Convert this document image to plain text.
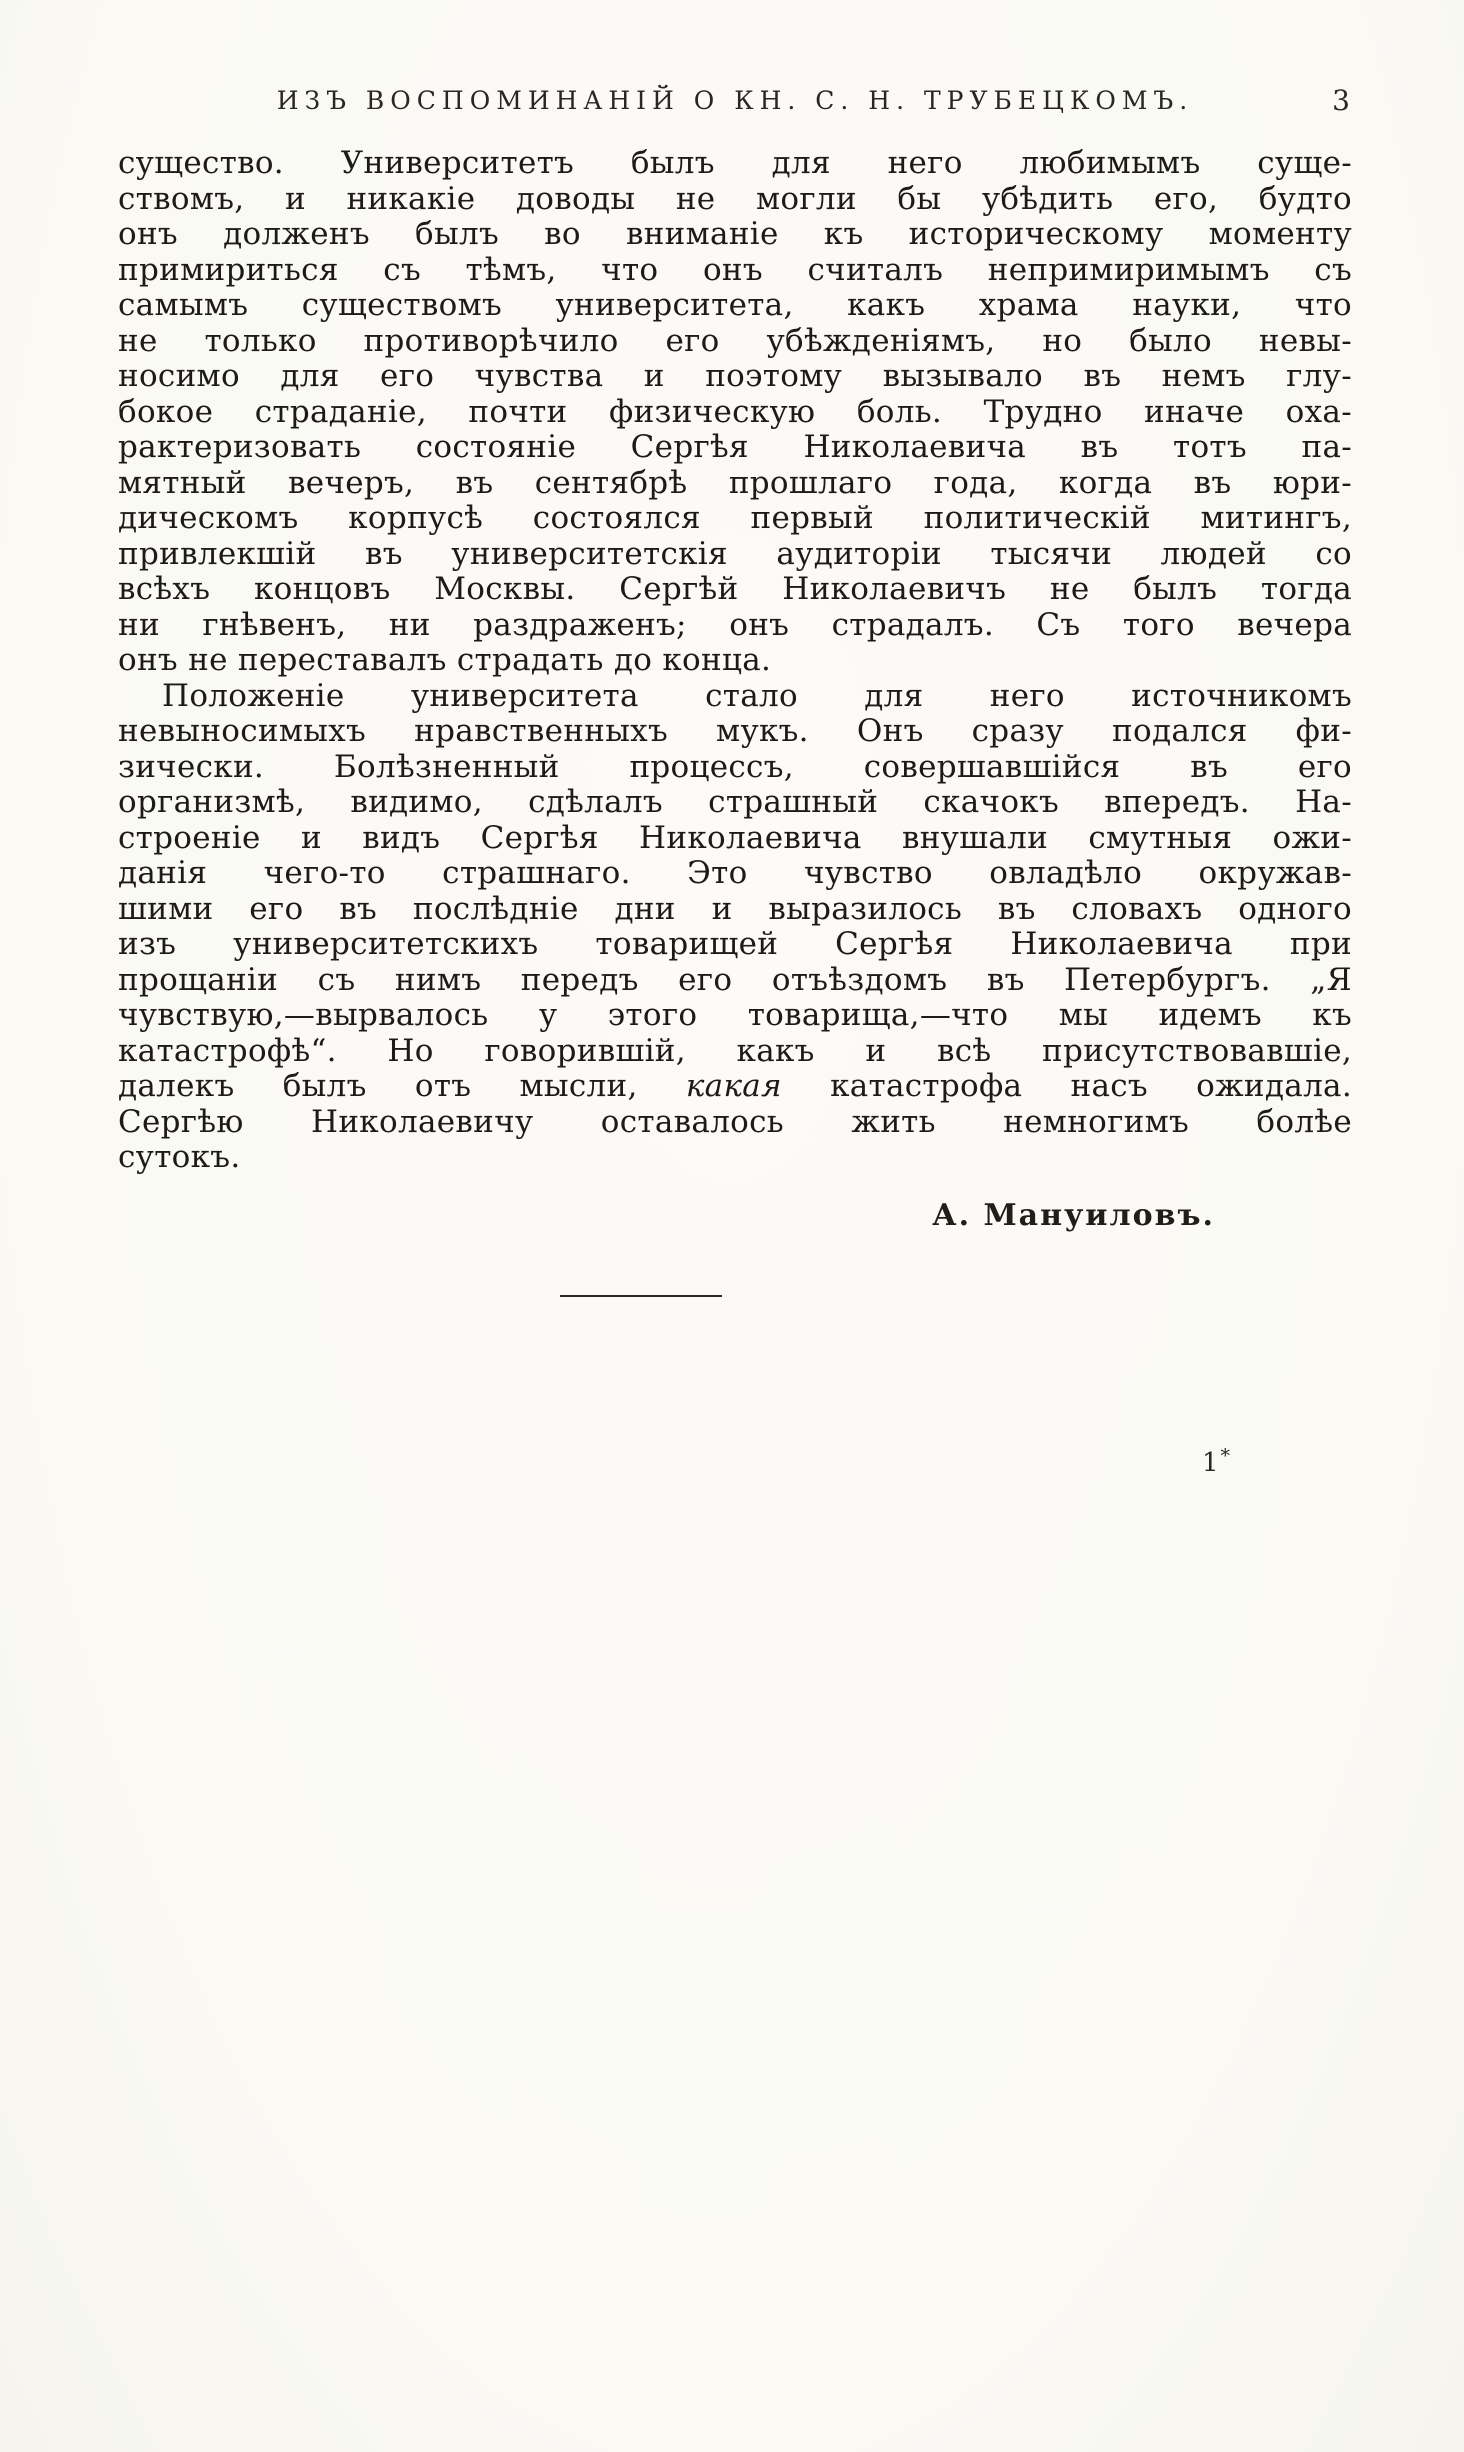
ИЗЪ ВОСПОМИНАНІЙ О КН. С. Н. ТРУБЕЦКОМЪ.	3
существо. Университетъ былъ для него любимымъ суще-
ствомъ, и никакіе доводы не могли бы убѣдить его, будто
онъ долженъ былъ во вниманіе къ историческому моменту
примириться съ тѣмъ, что онъ считалъ непримиримымъ съ
самымъ существомъ университета, какъ храма науки, что
не только противорѣчило его убѣжденіямъ, но было невы-
носимо для его чувства и поэтому вызывало въ немъ глу-
бокое страданіе, почти физическую боль. Трудно иначе оха-
рактеризовать состояніе Сергѣя Николаевича въ тотъ па-
мятный вечеръ, въ сентябрѣ прошлаго года, когда въ юри-
дическомъ корпусѣ состоялся первый политическій митингъ,
привлекшій въ университетскія аудиторіи тысячи людей со
всѣхъ концовъ Москвы. Сергѣй Николаевичъ не былъ тогда
ни гнѣвенъ, ни раздраженъ; онъ страдалъ. Съ того вечера
онъ не переставалъ страдать до конца.
Положеніе университета стало для него источникомъ
невыносимыхъ нравственныхъ мукъ. Онъ сразу подался фи-
зически. Болѣзненный процессъ, совершавшійся въ его
организмѣ, видимо, сдѣлалъ страшный скачокъ впередъ. На-
строеніе и видъ Сергѣя Николаевича внушали смутныя ожи-
данія чего-то страшнаго. Это чувство овладѣло окружав-
шими его въ послѣдніе дни и выразилось въ словахъ одного
изъ университетскихъ товарищей Сергѣя Николаевича при
прощаніи съ нимъ передъ его отъѣздомъ въ Петербургъ. „Я
чувствую,—вырвалось у этого товарища,—что мы идемъ къ
катастрофѣ“. Но говорившій, какъ и всѣ присутствовавшіе,
далекъ былъ отъ мысли, какая катастрофа насъ ожидала.
Сергѣю Николаевичу оставалось жить немногимъ болѣе
сутокъ.
А. Мануиловъ.
1 *
